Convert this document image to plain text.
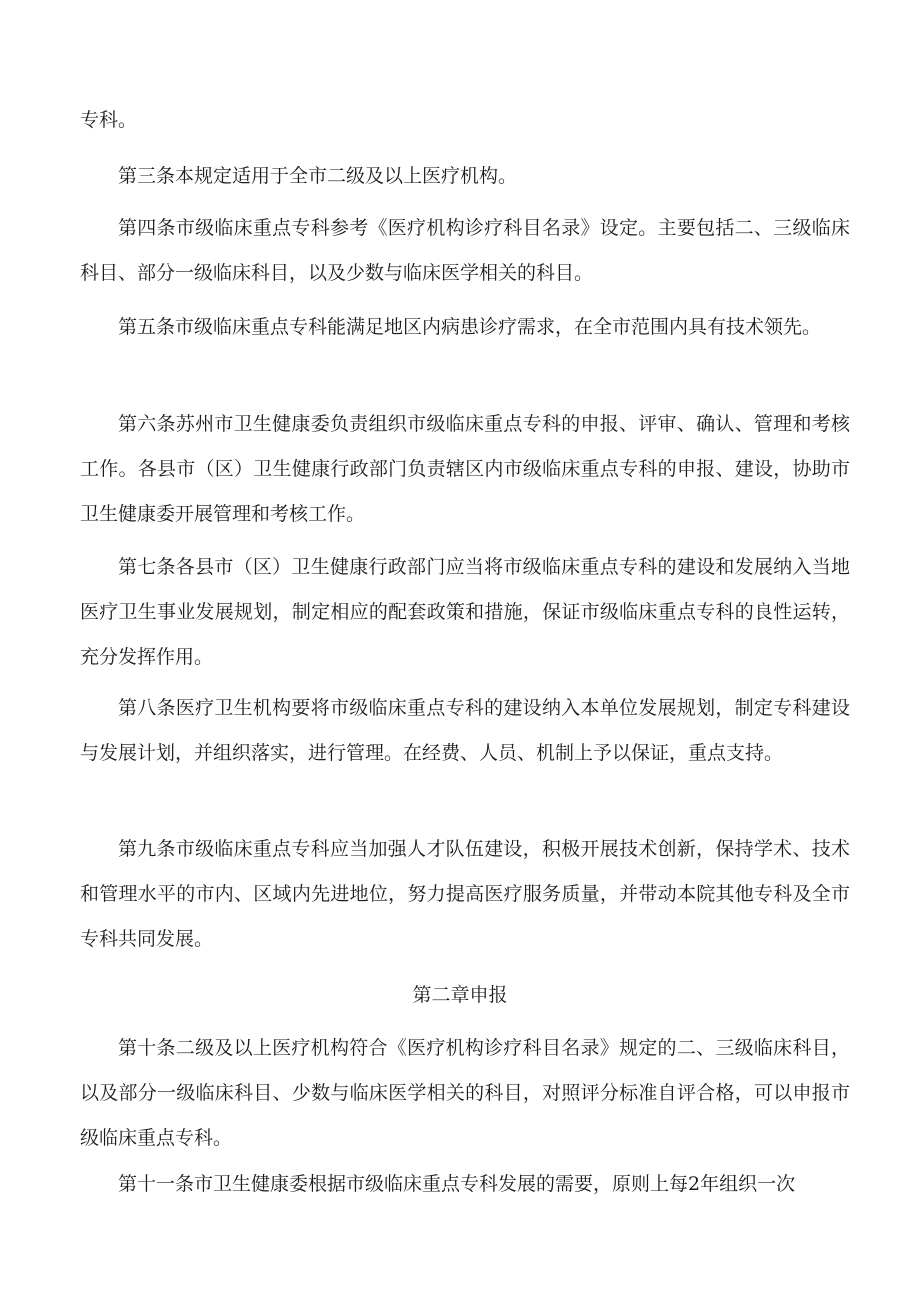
专科。

第三条本规定适用于全市二级及以上医疗机构。

第四条市级临床重点专科参考《医疗机构诊疗科目名录》设定。主要包括二、三级临床科目、部分一级临床科目，以及少数与临床医学相关的科目。

第五条市级临床重点专科能满足地区内病患诊疗需求，在全市范围内具有技术领先。

第六条苏州市卫生健康委负责组织市级临床重点专科的申报、评审、确认、管理和考核工作。各县市（区）卫生健康行政部门负责辖区内市级临床重点专科的申报、建设，协助市卫生健康委开展管理和考核工作。

第七条各县市（区）卫生健康行政部门应当将市级临床重点专科的建设和发展纳入当地医疗卫生事业发展规划，制定相应的配套政策和措施，保证市级临床重点专科的良性运转，充分发挥作用。

第八条医疗卫生机构要将市级临床重点专科的建设纳入本单位发展规划，制定专科建设与发展计划，并组织落实，进行管理。在经费、人员、机制上予以保证，重点支持。

第九条市级临床重点专科应当加强人才队伍建设，积极开展技术创新，保持学术、技术和管理水平的市内、区域内先进地位，努力提高医疗服务质量，并带动本院其他专科及全市专科共同发展。

第二章申报

第十条二级及以上医疗机构符合《医疗机构诊疗科目名录》规定的二、三级临床科目，以及部分一级临床科目、少数与临床医学相关的科目，对照评分标准自评合格，可以申报市级临床重点专科。

第十一条市卫生健康委根据市级临床重点专科发展的需要，原则上每2年组织一次
